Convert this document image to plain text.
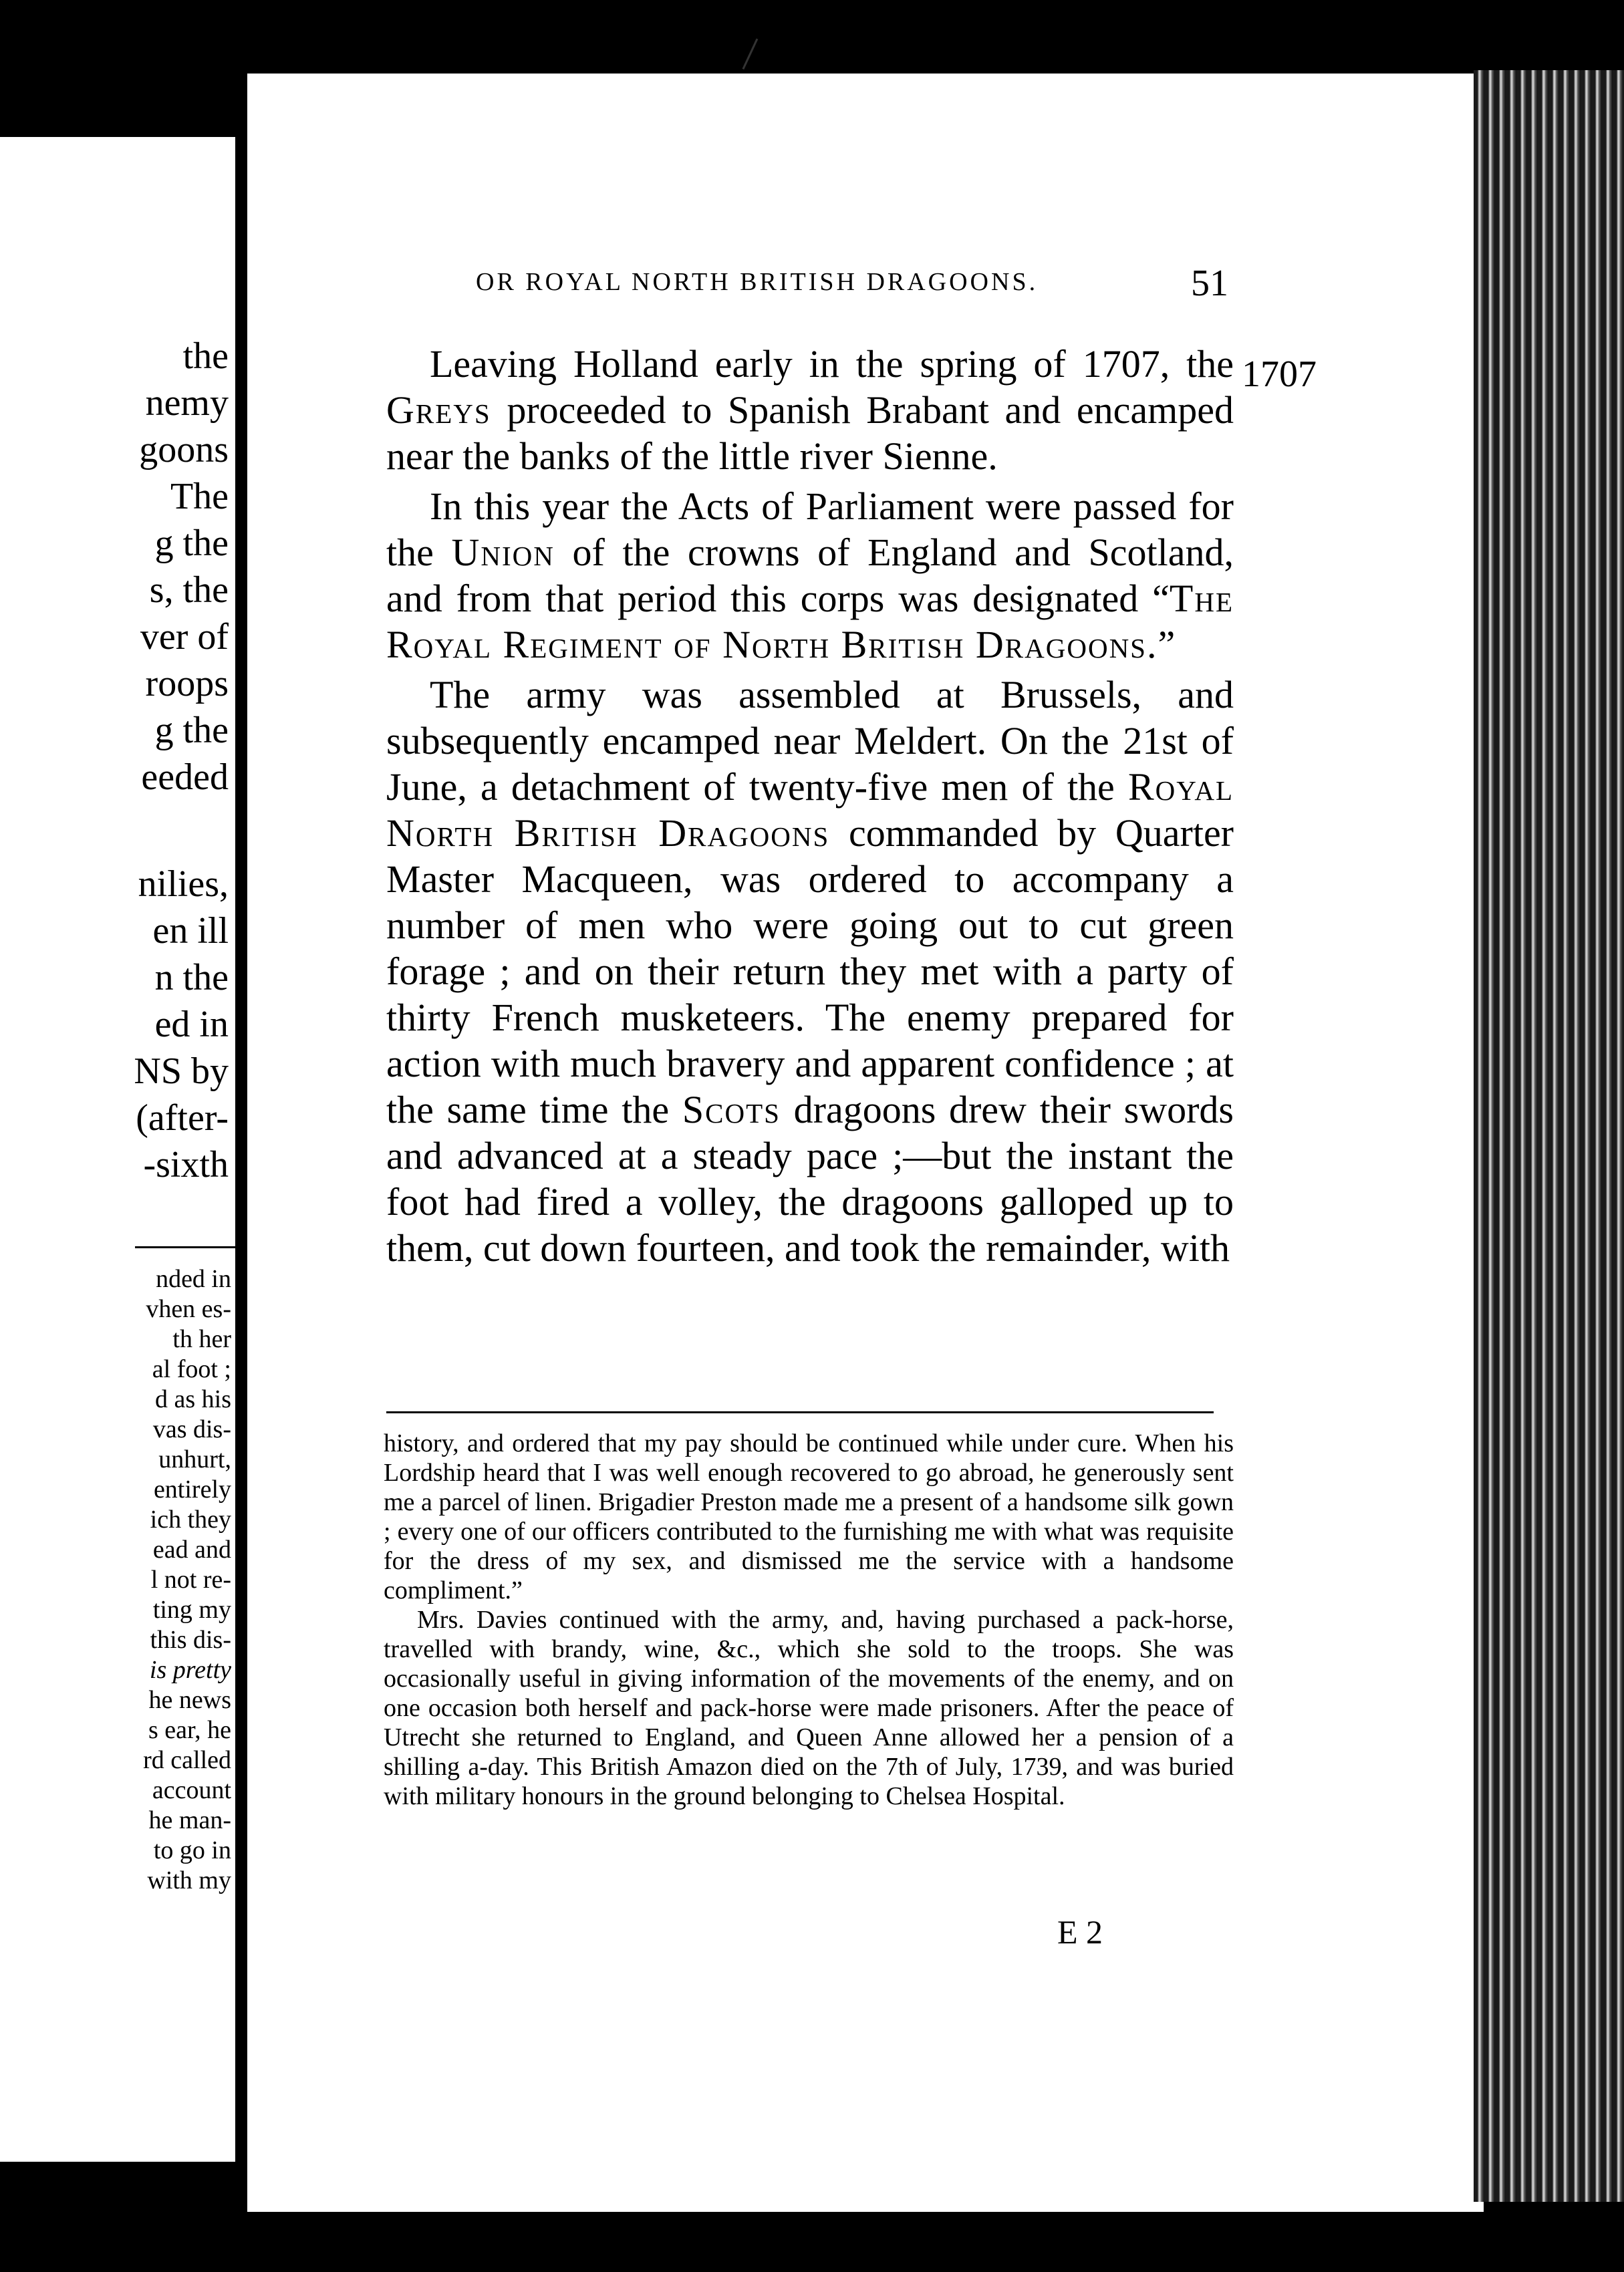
the
nemy
goons
The
g the
s, the
ver of
roops
g the
eeded
nilies,
en ill
n the
ed in
NS by
(after-
-sixth
nded in
vhen es-
th her
al foot ;
d as his
vas dis-
unhurt,
entirely
ich they
ead and
l not re-
ting my
this dis-
is pretty
he news
s ear, he
rd called
account
he man-
to go in
with my
OR ROYAL NORTH BRITISH DRAGOONS.	51
1707

Leaving Holland early in the spring of 1707, the Greys proceeded to Spanish Brabant and encamped near the banks of the little river Sienne.

In this year the Acts of Parliament were passed for the Union of the crowns of England and Scotland, and from that period this corps was designated “The Royal Regiment of North British Dragoons.”

The army was assembled at Brussels, and subsequently encamped near Meldert. On the 21st of June, a detachment of twenty-five men of the Royal North British Dragoons commanded by Quarter Master Macqueen, was ordered to accompany a number of men who were going out to cut green forage ; and on their return they met with a party of thirty French musketeers. The enemy prepared for action with much bravery and apparent confidence ; at the same time the Scots dragoons drew their swords and advanced at a steady pace ;—but the instant the foot had fired a volley, the dragoons galloped up to them, cut down fourteen, and took the remainder, with

history, and ordered that my pay should be continued while under cure. When his Lordship heard that I was well enough recovered to go abroad, he generously sent me a parcel of linen. Brigadier Preston made me a present of a handsome silk gown ; every one of our officers contributed to the furnishing me with what was requisite for the dress of my sex, and dismissed me the service with a handsome compliment.”

Mrs. Davies continued with the army, and, having purchased a pack-horse, travelled with brandy, wine, &c., which she sold to the troops. She was occasionally useful in giving information of the movements of the enemy, and on one occasion both herself and pack-horse were made prisoners. After the peace of Utrecht she returned to England, and Queen Anne allowed her a pension of a shilling a-day. This British Amazon died on the 7th of July, 1739, and was buried with military honours in the ground belonging to Chelsea Hospital.

E 2
